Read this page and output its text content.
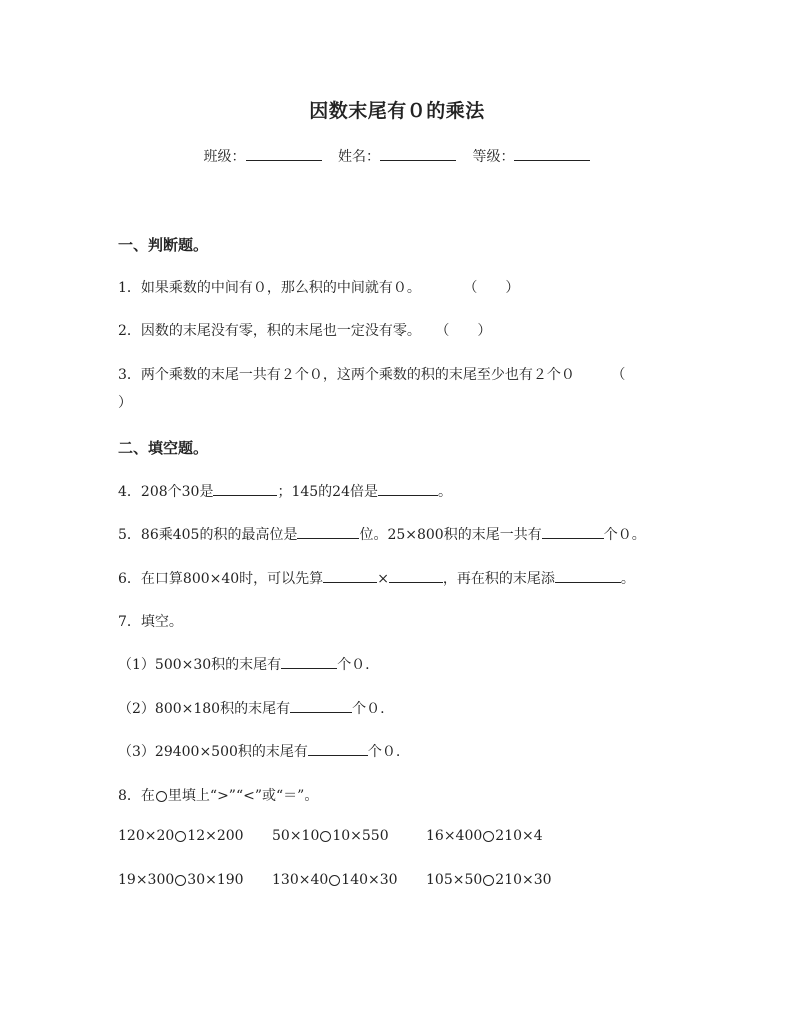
因数末尾有０的乘法
班级：	姓名：	等级：
一、判断题。
1．如果乘数的中间有０，那么积的中间就有０。	（　　）
2．因数的末尾没有零，积的末尾也一定没有零。 （　　）
3．两个乘数的末尾一共有２个０，这两个乘数的积的末尾至少也有２个０	（
）
二、填空题。
4．208个30是	；145的24倍是	。
5．86乘405的积的最高位是	位。25×800积的末尾一共有	个０。
6．在口算800×40时，可以先算	×	，再在积的末尾添	。
7．填空。
（1）500×30积的末尾有	个０.
（2）800×180积的末尾有	个０.
（3）29400×500积的末尾有	个０.
8．在 里填上“>”“<”或“＝”。
120×20 12×200 50×10 10×550	16×400 210×4
19×300 30×190 130×40 140×30 105×50 210×30
